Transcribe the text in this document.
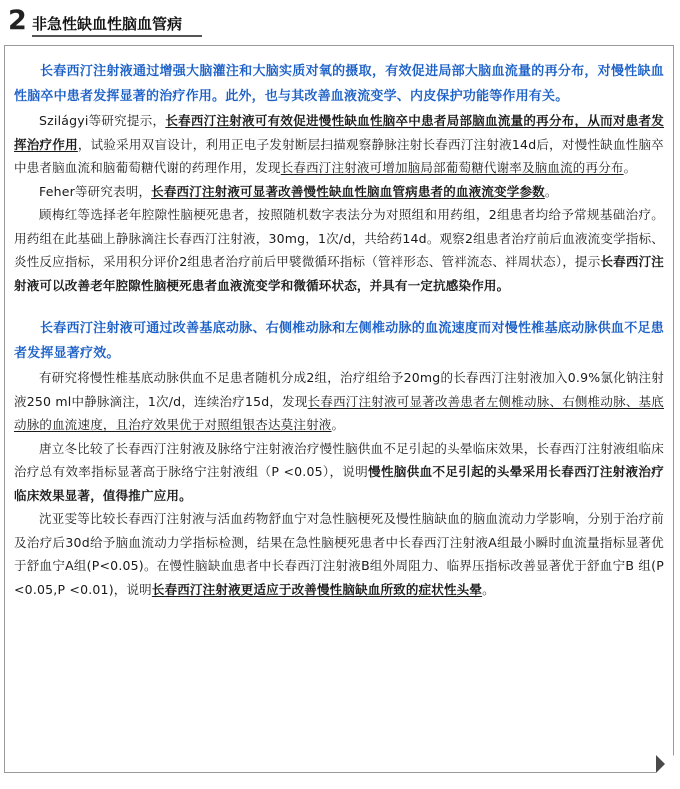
2 非急性缺血性脑血管病

长春西汀注射液通过增强大脑灌注和大脑实质对氧的摄取，有效促进局部大脑血流量的再分布，对慢性缺血性脑卒中患者发挥显著的治疗作用。此外，也与其改善血液流变学、内皮保护功能等作用有关。

Szilágyi等研究提示，长春西汀注射液可有效促进慢性缺血性脑卒中患者局部脑血流量的再分布，从而对患者发挥治疗作用，试验采用双盲设计，利用正电子发射断层扫描观察静脉注射长春西汀注射液14d后，对慢性缺血性脑卒中患者脑血流和脑葡萄糖代谢的药理作用，发现长春西汀注射液可增加脑局部葡萄糖代谢率及脑血流的再分布。

Feher等研究表明，长春西汀注射液可显著改善慢性缺血性脑血管病患者的血液流变学参数。

顾梅红等选择老年腔隙性脑梗死患者，按照随机数字表法分为对照组和用药组，2组患者均给予常规基础治疗。用药组在此基础上静脉滴注长春西汀注射液，30mg，1次/d，共给药14d。观察2组患者治疗前后血液流变学指标、炎性反应指标，采用积分评价2组患者治疗前后甲襞微循环指标（管袢形态、管袢流态、袢周状态），提示长春西汀注射液可以改善老年腔隙性脑梗死患者血液流变学和微循环状态，并具有一定抗感染作用。

长春西汀注射液可通过改善基底动脉、右侧椎动脉和左侧椎动脉的血流速度而对慢性椎基底动脉供血不足患者发挥显著疗效。

有研究将慢性椎基底动脉供血不足患者随机分成2组，治疗组给予20mg的长春西汀注射液加入0.9%氯化钠注射液250 ml中静脉滴注，1次/d，连续治疗15d，发现长春西汀注射液可显著改善患者左侧椎动脉、右侧椎动脉、基底动脉的血流速度，且治疗效果优于对照组银杏达莫注射液。

唐立冬比较了长春西汀注射液及脉络宁注射液治疗慢性脑供血不足引起的头晕临床效果，长春西汀注射液组临床治疗总有效率指标显著高于脉络宁注射液组（P <0.05），说明慢性脑供血不足引起的头晕采用长春西汀注射液治疗临床效果显著，值得推广应用。

沈亚雯等比较长春西汀注射液与活血药物舒血宁对急性脑梗死及慢性脑缺血的脑血流动力学影响，分别于治疗前及治疗后30d给予脑血流动力学指标检测，结果在急性脑梗死患者中长春西汀注射液A组最小瞬时血流量指标显著优于舒血宁A组(P<0.05)。在慢性脑缺血患者中长春西汀注射液B组外周阻力、临界压指标改善显著优于舒血宁B 组(P <0.05,P <0.01)，说明长春西汀注射液更适应于改善慢性脑缺血所致的症状性头晕。
